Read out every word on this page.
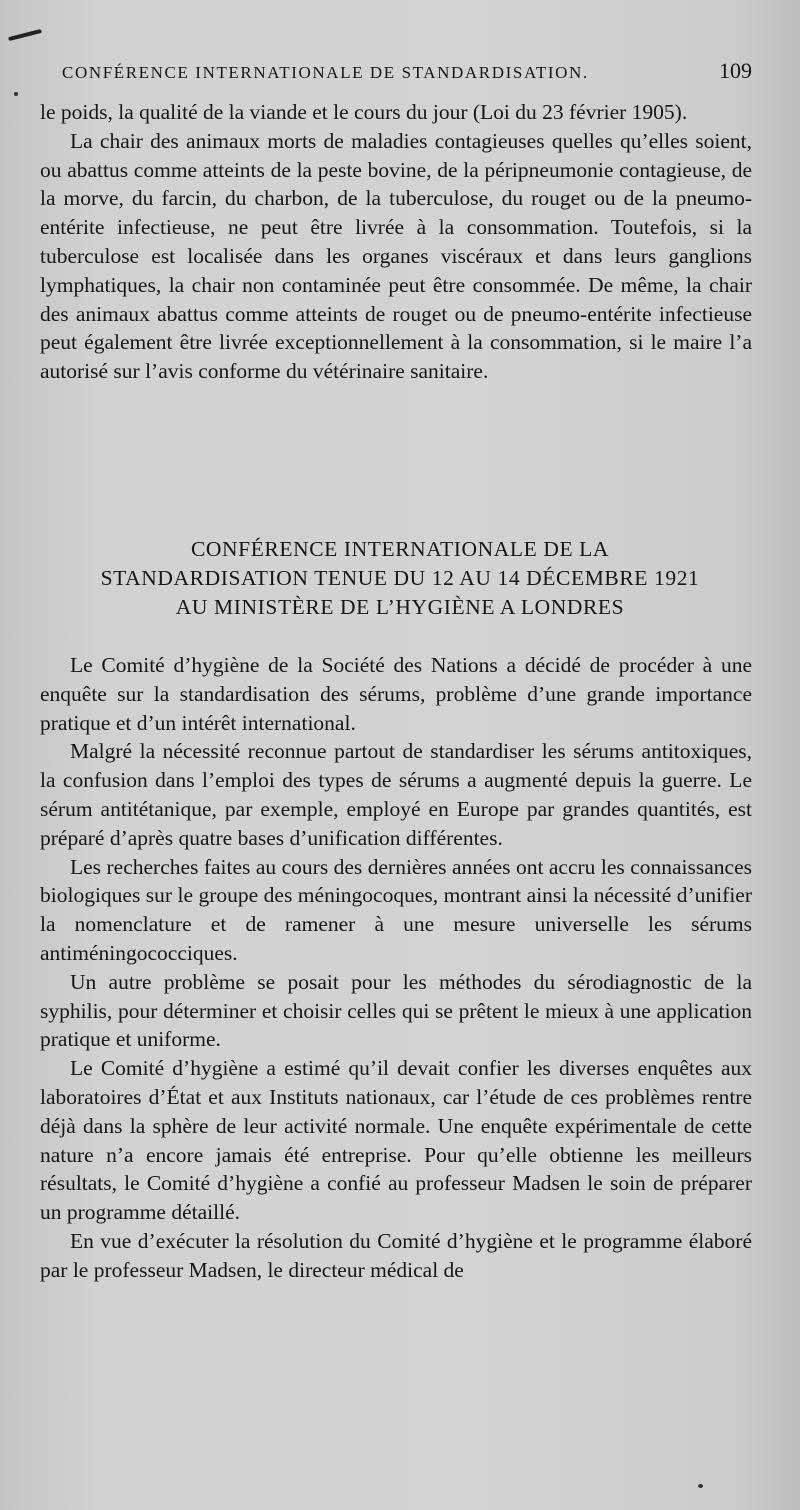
CONFÉRENCE INTERNATIONALE DE STANDARDISATION.	109

le poids, la qualité de la viande et le cours du jour (Loi du 23 février 1905).

La chair des animaux morts de maladies contagieuses quelles qu’elles soient, ou abattus comme atteints de la peste bovine, de la péripneumonie contagieuse, de la morve, du farcin, du charbon, de la tuberculose, du rouget ou de la pneumo-entérite infectieuse, ne peut être livrée à la consommation. Toutefois, si la tuberculose est localisée dans les organes viscéraux et dans leurs ganglions lymphatiques, la chair non contaminée peut être consommée. De même, la chair des animaux abattus comme atteints de rouget ou de pneumo-entérite infectieuse peut également être livrée exceptionnellement à la consommation, si le maire l’a autorisé sur l’avis conforme du vétérinaire sanitaire.

CONFÉRENCE INTERNATIONALE DE LA
STANDARDISATION TENUE DU 12 AU 14 DÉCEMBRE 1921
AU MINISTÈRE DE L’HYGIÈNE A LONDRES

Le Comité d’hygiène de la Société des Nations a décidé de procéder à une enquête sur la standardisation des sérums, problème d’une grande importance pratique et d’un intérêt international.

Malgré la nécessité reconnue partout de standardiser les sérums antitoxiques, la confusion dans l’emploi des types de sérums a augmenté depuis la guerre. Le sérum antitétanique, par exemple, employé en Europe par grandes quantités, est préparé d’après quatre bases d’unification différentes.

Les recherches faites au cours des dernières années ont accru les connaissances biologiques sur le groupe des méningocoques, montrant ainsi la nécessité d’unifier la nomenclature et de ramener à une mesure universelle les sérums antiméningococciques.

Un autre problème se posait pour les méthodes du sérodiagnostic de la syphilis, pour déterminer et choisir celles qui se prêtent le mieux à une application pratique et uniforme.

Le Comité d’hygiène a estimé qu’il devait confier les diverses enquêtes aux laboratoires d’État et aux Instituts nationaux, car l’étude de ces problèmes rentre déjà dans la sphère de leur activité normale. Une enquête expérimentale de cette nature n’a encore jamais été entreprise. Pour qu’elle obtienne les meilleurs résultats, le Comité d’hygiène a confié au professeur Madsen le soin de préparer un programme détaillé.

En vue d’exécuter la résolution du Comité d’hygiène et le programme élaboré par le professeur Madsen, le directeur médical de
